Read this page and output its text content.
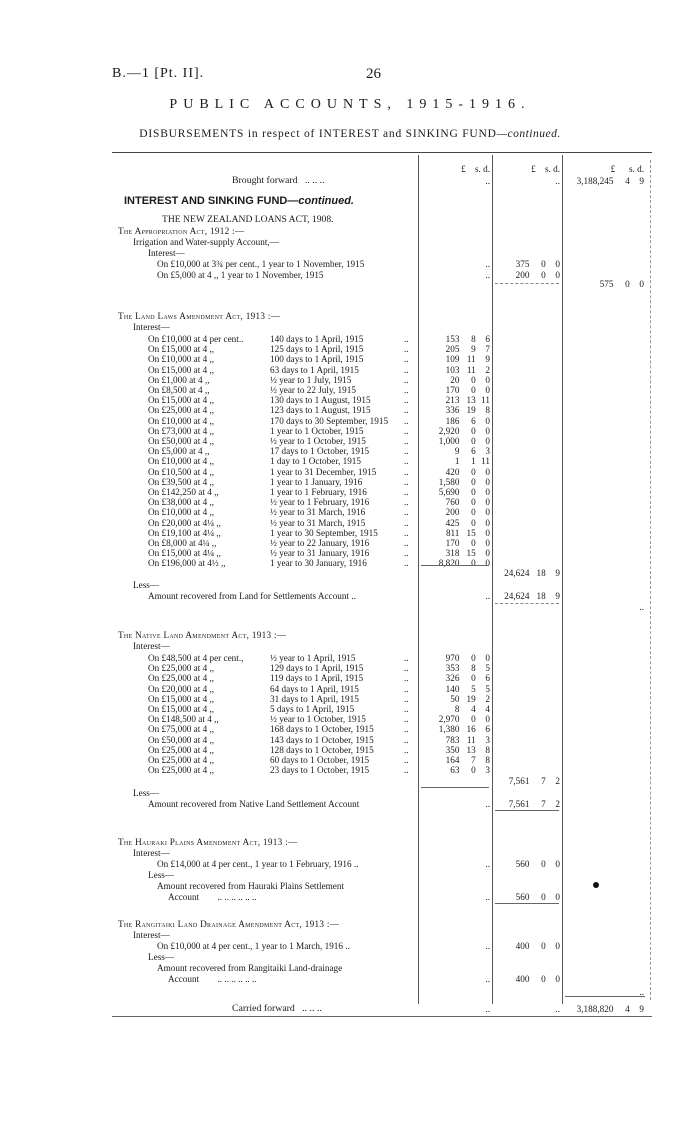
B.—1 [Pt. II].	26
PUBLIC ACCOUNTS, 1915-1916.
DISBURSEMENTS in respect of INTEREST and SINKING FUND—continued.
£ s. d.	£ s. d.	£ s. d.
Brought forward .. .. ..	..	..	3,188,245 4 9
INTEREST AND SINKING FUND—continued.
THE NEW ZEALAND LOANS ACT, 1908.
The Appropriation Act, 1912 :—
Irrigation and Water-supply Account,—
Interest—
On £10,000 at 3¾ per cent., 1 year to 1 November, 1915	..	375 0 0
On £5,000 at 4 ,, 1 year to 1 November, 1915	..	200 0 0
575 0 0
The Land Laws Amendment Act, 1913 :—
Interest—
On £10,000 at 4 per cent..	140 days to 1 April, 1915	..	153 8 6
On £15,000 at 4 ,,	125 days to 1 April, 1915	..	205 9 7
On £10,000 at 4 ,,	100 days to 1 April, 1915	..	109 11 9
On £15,000 at 4 ,,	63 days to 1 April, 1915	..	103 11 2
On £1,000 at 4 ,,	½ year to 1 July, 1915	..	20 0 0
On £8,500 at 4 ,,	½ year to 22 July, 1915	..	170 0 0
On £15,000 at 4 ,,	130 days to 1 August, 1915	..	213 13 11
On £25,000 at 4 ,,	123 days to 1 August, 1915	..	336 19 8
On £10,000 at 4 ,,	170 days to 30 September, 1915 ..	186 6 0
On £73,000 at 4 ,,	1 year to 1 October, 1915	..	2,920 0 0
On £50,000 at 4 ,,	½ year to 1 October, 1915	..	1,000 0 0
On £5,000 at 4 ,,	17 days to 1 October, 1915	..	9 6 3
On £10,000 at 4 ,,	1 day to 1 October, 1915	..	1 1 11
On £10,500 at 4 ,,	1 year to 31 December, 1915	..	420 0 0
On £39,500 at 4 ,,	1 year to 1 January, 1916	..	1,580 0 0
On £142,250 at 4 ,,	1 year to 1 February, 1916	..	5,690 0 0
On £38,000 at 4 ,,	½ year to 1 February, 1916	..	760 0 0
On £10,000 at 4 ,,	½ year to 31 March, 1916	..	200 0 0
On £20,000 at 4¼ ,,	½ year to 31 March, 1915	..	425 0 0
On £19,100 at 4¼ ,,	1 year to 30 September, 1915	..	811 15 0
On £8,000 at 4¼ ,,	½ year to 22 January, 1916	..	170 0 0
On £15,000 at 4¼ ,,	½ year to 31 January, 1916	..	318 15 0
On £196,000 at 4½ ,,	1 year to 30 January, 1916	..	8,820 0 0
24,624 18 9
Less—
Amount recovered from Land for Settlements Account ..	..	24,624 18 9
..
The Native Land Amendment Act, 1913 :—
Interest—
On £48,500 at 4 per cent.,	½ year to 1 April, 1915	..	970 0 0
On £25,000 at 4 ,,	129 days to 1 April, 1915	..	353 8 5
On £25,000 at 4 ,,	119 days to 1 April, 1915	..	326 0 6
On £20,000 at 4 ,,	64 days to 1 April, 1915	..	140 5 5
On £15,000 at 4 ,,	31 days to 1 April, 1915	..	50 19 2
On £15,000 at 4 ,,	5 days to 1 April, 1915	..	8 4 4
On £148,500 at 4 ,,	½ year to 1 October, 1915	..	2,970 0 0
On £75,000 at 4 ,,	168 days to 1 October, 1915	..	1,380 16 6
On £50,000 at 4 ,,	143 days to 1 October, 1915	..	783 11 3
On £25,000 at 4 ,,	128 days to 1 October, 1915	..	350 13 8
On £25,000 at 4 ,,	60 days to 1 October, 1915	..	164 7 8
On £25,000 at 4 ,,	23 days to 1 October, 1915	..	63 0 3
7,561 7 2
Less—
Amount recovered from Native Land Settlement Account	..	7,561 7 2
The Hauraki Plains Amendment Act, 1913 :—
Interest—
On £14,000 at 4 per cent., 1 year to 1 February, 1916 ..	..	560 0 0
Less—
Amount recovered from Hauraki Plains Settlement
Account .. .. .. .. .. ..	..	560 0 0
The Rangitaiki Land Drainage Amendment Act, 1913 :—
Interest—
On £10,000 at 4 per cent., 1 year to 1 March, 1916 ..	..	400 0 0
Less—
Amount recovered from Rangitaiki Land-drainage
Account .. .. .. .. .. ..	..	400 0 0
..
Carried forward .. .. ..	..	..	3,188,820 4 9
